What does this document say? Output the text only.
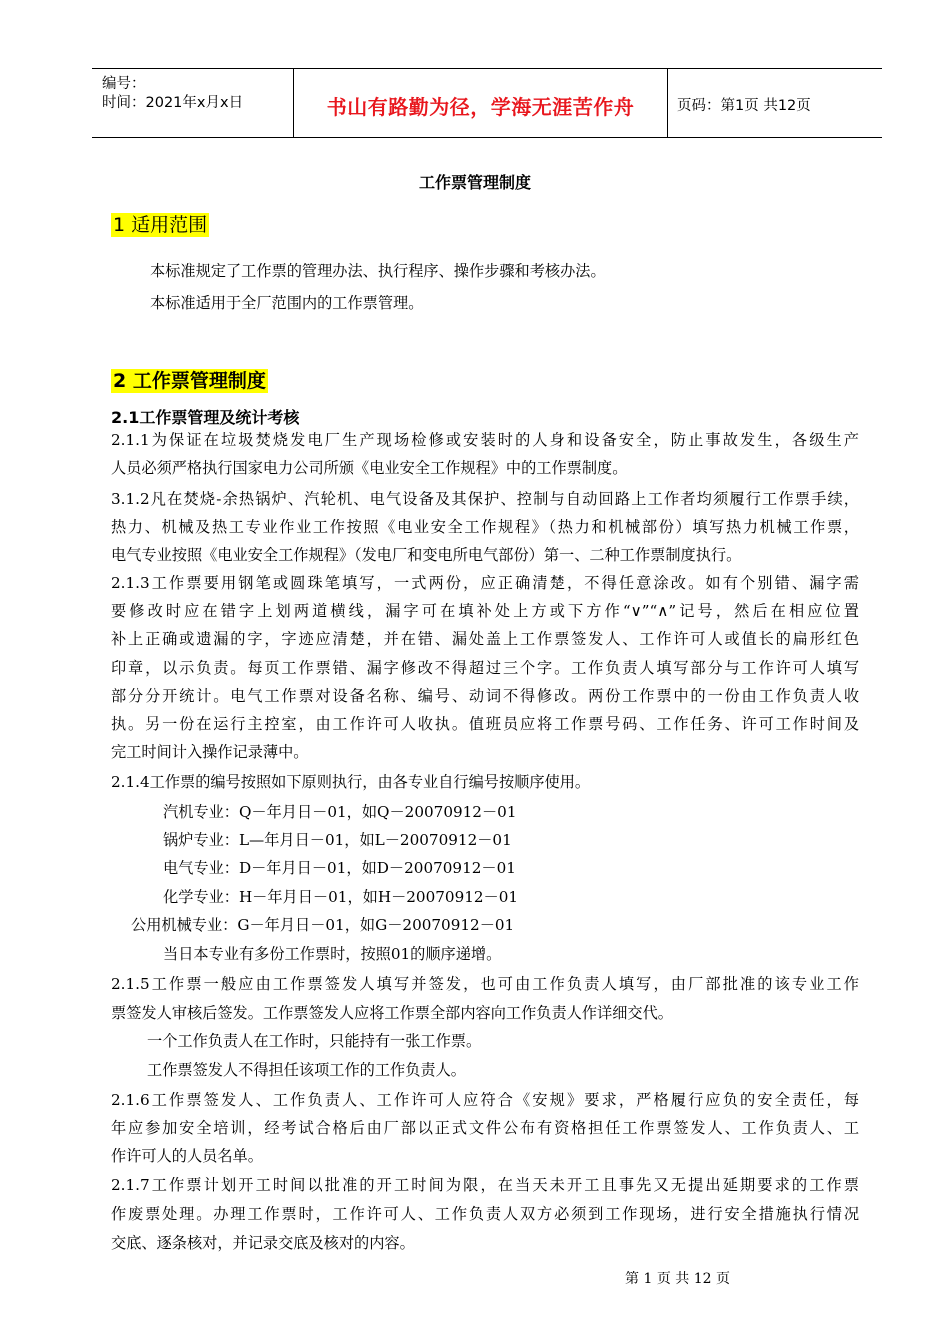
编号：
时间：2021年x月x日	书山有路勤为径，学海无涯苦作舟	页码：第1页 共12页
工作票管理制度
1 适用范围
本标准规定了工作票的管理办法、执行程序、操作步骤和考核办法。
本标准适用于全厂范围内的工作票管理。
2 工作票管理制度
2.1工作票管理及统计考核
2.1.1为保证在垃圾焚烧发电厂生产现场检修或安装时的人身和设备安全，防止事故发生，各级生产
人员必须严格执行国家电力公司所颁《电业安全工作规程》中的工作票制度。
3.1.2凡在焚烧-余热锅炉、汽轮机、电气设备及其保护、控制与自动回路上工作者均须履行工作票手续，
热力、机械及热工专业作业工作按照《电业安全工作规程》（热力和机械部份）填写热力机械工作票，
电气专业按照《电业安全工作规程》（发电厂和变电所电气部份）第一、二种工作票制度执行。
2.1.3工作票要用钢笔或圆珠笔填写，一式两份，应正确清楚，不得任意涂改。如有个别错、漏字需
要修改时应在错字上划两道横线，漏字可在填补处上方或下方作“∨”“∧”记号，然后在相应位置
补上正确或遗漏的字，字迹应清楚，并在错、漏处盖上工作票签发人、工作许可人或值长的扁形红色
印章，以示负责。每页工作票错、漏字修改不得超过三个字。工作负责人填写部分与工作许可人填写
部分分开统计。电气工作票对设备名称、编号、动词不得修改。两份工作票中的一份由工作负责人收
执。另一份在运行主控室，由工作许可人收执。值班员应将工作票号码、工作任务、许可工作时间及
完工时间计入操作记录薄中。
2.1.4工作票的编号按照如下原则执行，由各专业自行编号按顺序使用。
汽机专业：Q－年月日－01，如Q－20070912－01
锅炉专业：L—年月日－01，如L－20070912－01
电气专业：D－年月日－01，如D－20070912－01
化学专业：H－年月日－01，如H－20070912－01
公用机械专业：G－年月日－01，如G－20070912－01
当日本专业有多份工作票时，按照01的顺序递增。
2.1.5工作票一般应由工作票签发人填写并签发，也可由工作负责人填写，由厂部批准的该专业工作
票签发人审核后签发。工作票签发人应将工作票全部内容向工作负责人作详细交代。
一个工作负责人在工作时，只能持有一张工作票。
工作票签发人不得担任该项工作的工作负责人。
2.1.6工作票签发人、工作负责人、工作许可人应符合《安规》要求，严格履行应负的安全责任，每
年应参加安全培训，经考试合格后由厂部以正式文件公布有资格担任工作票签发人、工作负责人、工
作许可人的人员名单。
2.1.7工作票计划开工时间以批准的开工时间为限，在当天未开工且事先又无提出延期要求的工作票
作废票处理。办理工作票时，工作许可人、工作负责人双方必须到工作现场，进行安全措施执行情况
交底、逐条核对，并记录交底及核对的内容。
第 1 页 共 12 页
